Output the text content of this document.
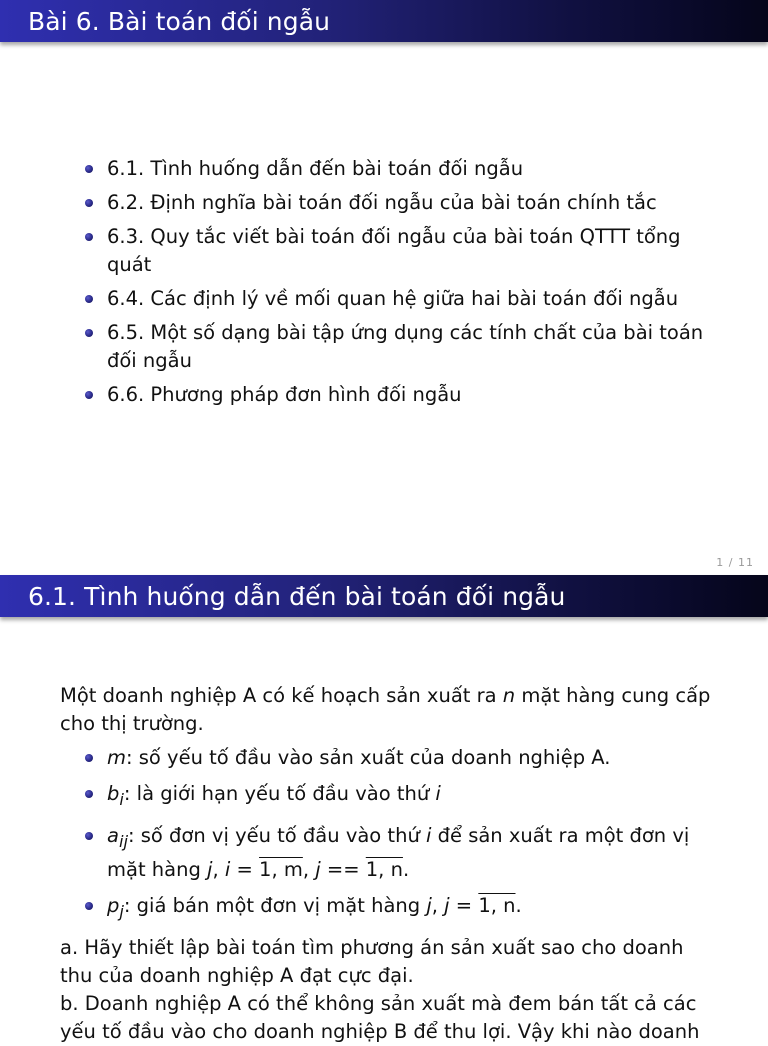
Bài 6. Bài toán đối ngẫu
6.1. Tình huống dẫn đến bài toán đối ngẫu
6.2. Định nghĩa bài toán đối ngẫu của bài toán chính tắc
6.3. Quy tắc viết bài toán đối ngẫu của bài toán QTTT tổng quát
6.4. Các định lý về mối quan hệ giữa hai bài toán đối ngẫu
6.5. Một số dạng bài tập ứng dụng các tính chất của bài toán đối ngẫu
6.6. Phương pháp đơn hình đối ngẫu
1 / 11
6.1. Tình huống dẫn đến bài toán đối ngẫu

Một doanh nghiệp A có kế hoạch sản xuất ra n mặt hàng cung cấp cho thị trường.

m: số yếu tố đầu vào sản xuất của doanh nghiệp A.
$b_i$: là giới hạn yếu tố đầu vào thứ i
$a_{ij}$: số đơn vị yếu tố đầu vào thứ i để sản xuất ra một đơn vị mặt hàng j, i = 1, m, j == 1, n.
$p_j$: giá bán một đơn vị mặt hàng j, j = 1, n.

a. Hãy thiết lập bài toán tìm phương án sản xuất sao cho doanh thu của doanh nghiệp A đạt cực đại.

b. Doanh nghiệp A có thể không sản xuất mà đem bán tất cả các yếu tố đầu vào cho doanh nghiệp B để thu lợi. Vậy khi nào doanh
